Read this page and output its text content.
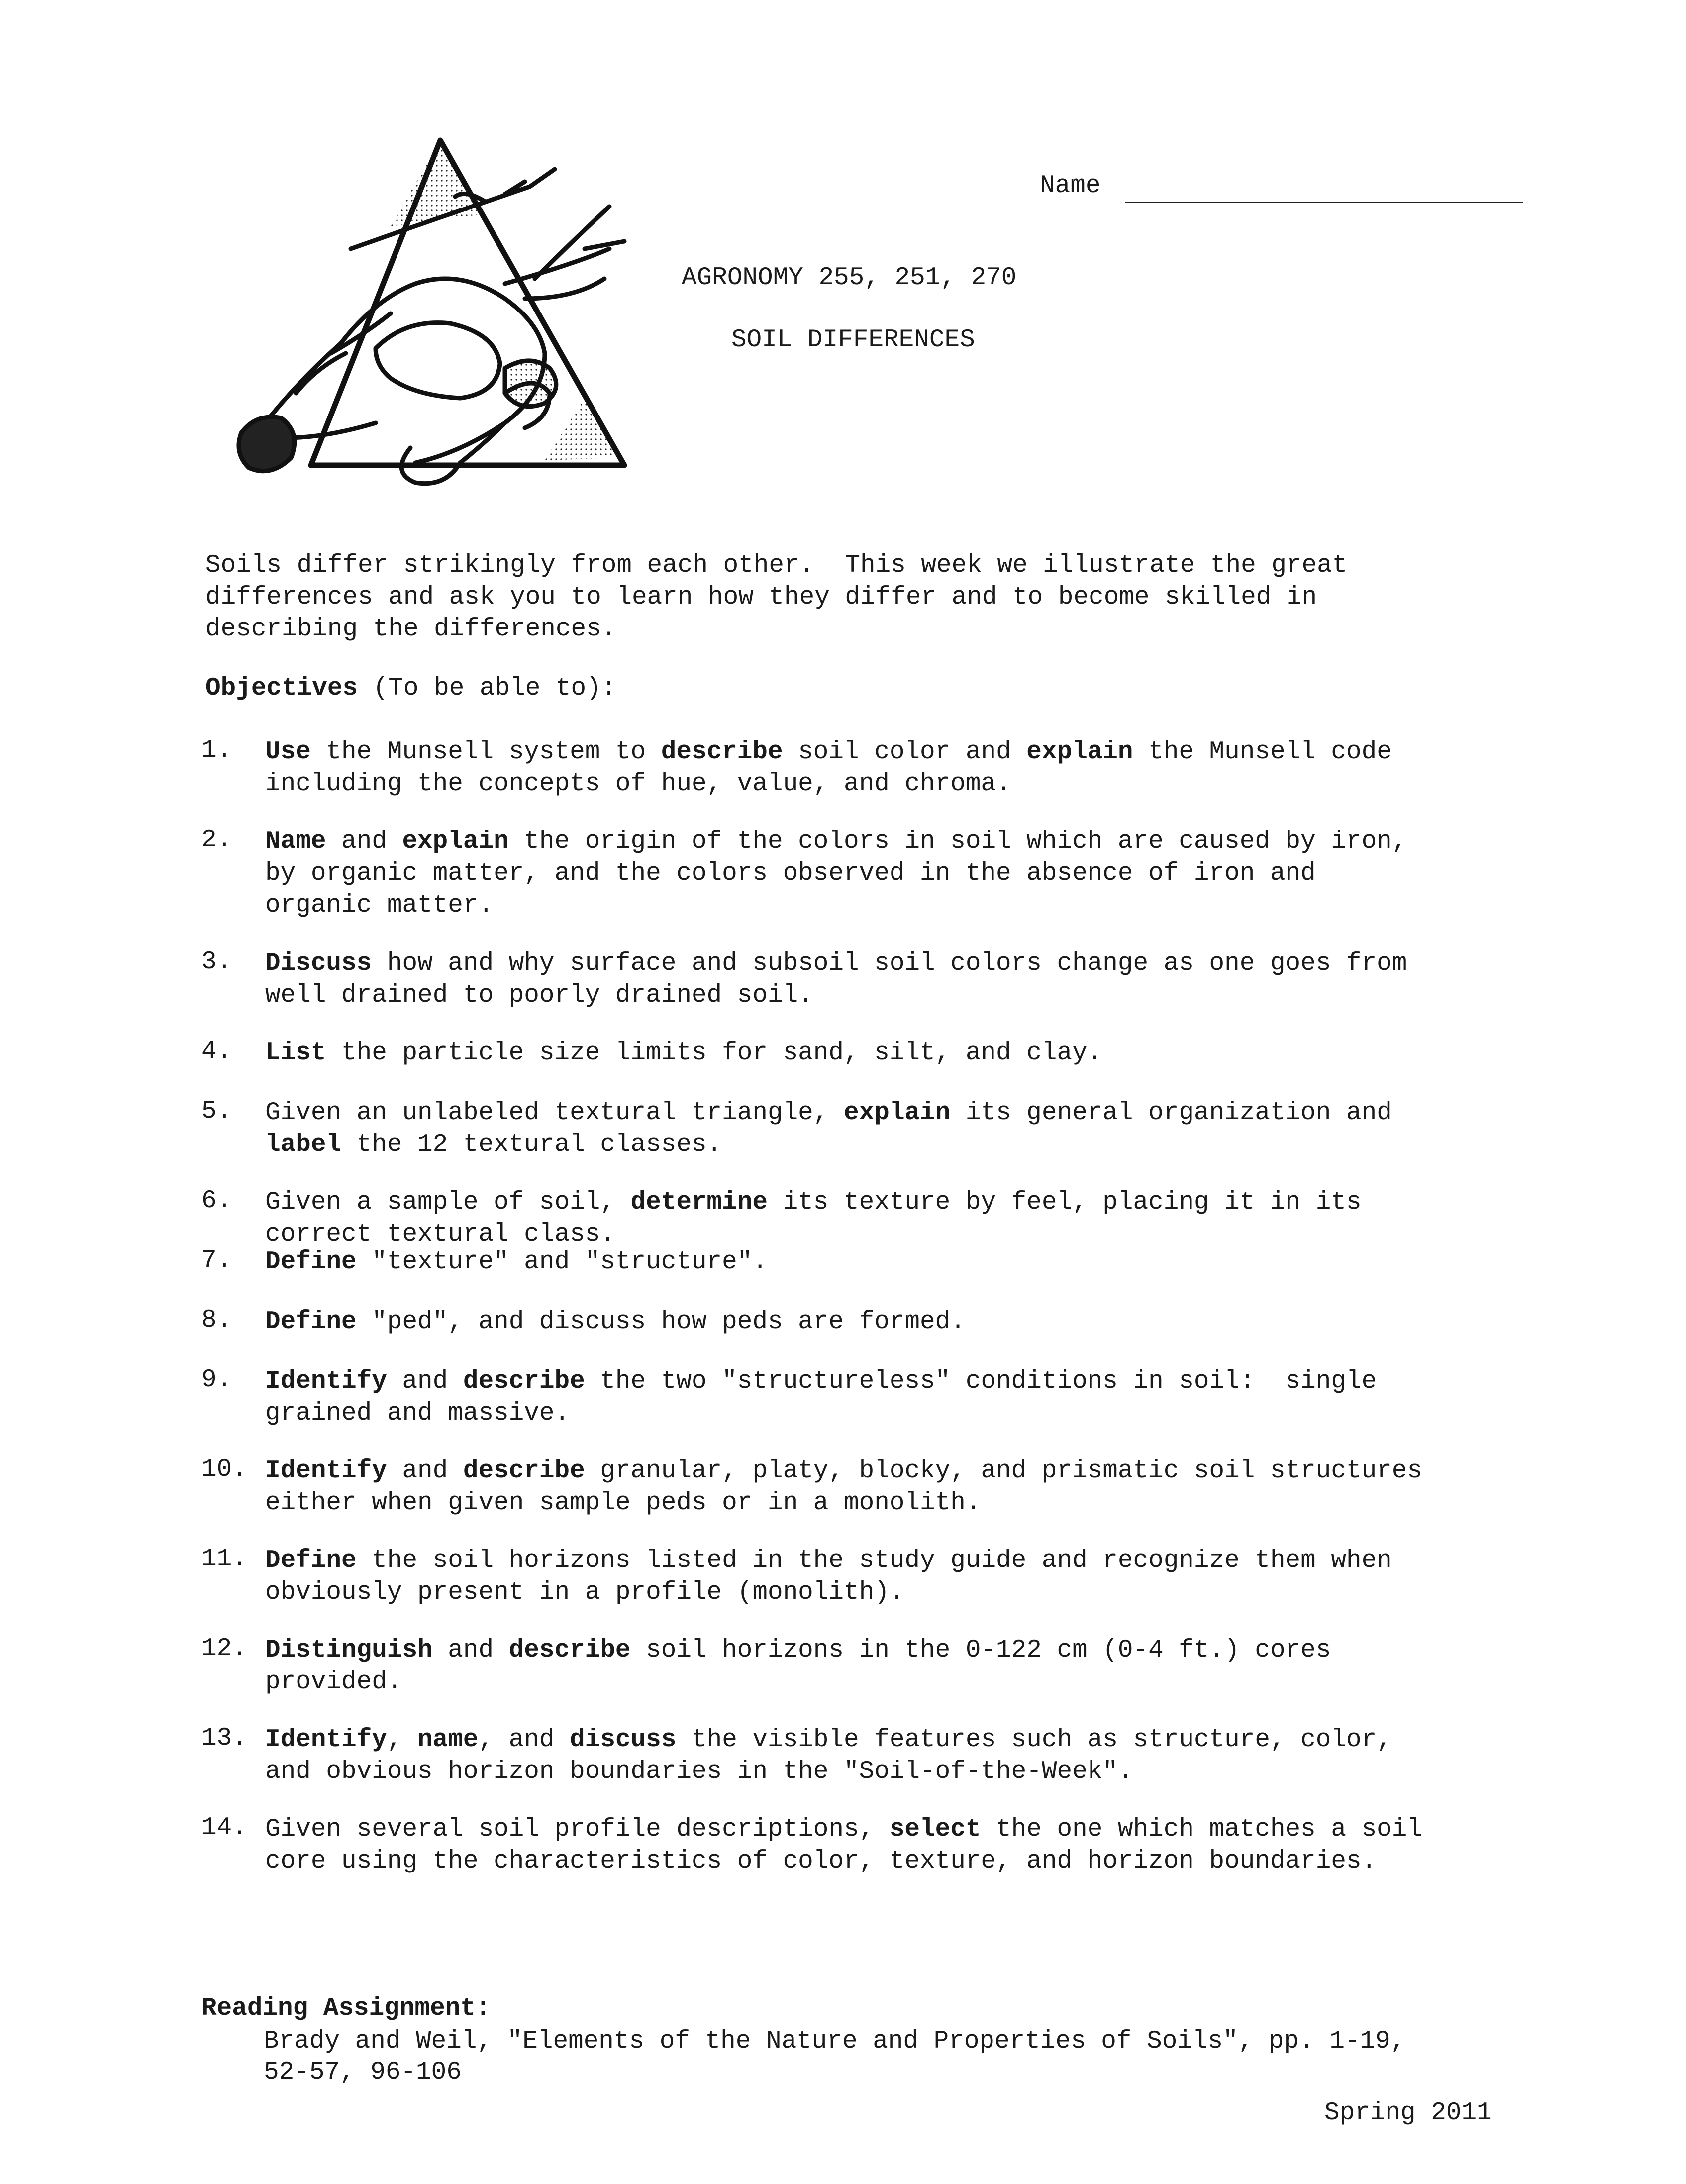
Name
AGRONOMY 255, 251, 270
SOIL DIFFERENCES
Soils differ strikingly from each other.  This week we illustrate the great
differences and ask you to learn how they differ and to become skilled in
describing the differences.
Objectives (To be able to):
1. Use the Munsell system to describe soil color and explain the Munsell code
including the concepts of hue, value, and chroma.
2. Name and explain the origin of the colors in soil which are caused by iron,
by organic matter, and the colors observed in the absence of iron and
organic matter.
3. Discuss how and why surface and subsoil soil colors change as one goes from
well drained to poorly drained soil.
4. List the particle size limits for sand, silt, and clay.
5. Given an unlabeled textural triangle, explain its general organization and
label the 12 textural classes.
6. Given a sample of soil, determine its texture by feel, placing it in its
correct textural class.
7. Define "texture" and "structure".
8. Define "ped", and discuss how peds are formed.
9. Identify and describe the two "structureless" conditions in soil:  single
grained and massive.
10. Identify and describe granular, platy, blocky, and prismatic soil structures
either when given sample peds or in a monolith.
11. Define the soil horizons listed in the study guide and recognize them when
obviously present in a profile (monolith).
12. Distinguish and describe soil horizons in the 0-122 cm (0-4 ft.) cores
provided.
13. Identify, name, and discuss the visible features such as structure, color,
and obvious horizon boundaries in the "Soil-of-the-Week".
14. Given several soil profile descriptions, select the one which matches a soil
core using the characteristics of color, texture, and horizon boundaries.
Reading Assignment:
Brady and Weil, "Elements of the Nature and Properties of Soils", pp. 1-19,
52-57, 96-106
Spring 2011
